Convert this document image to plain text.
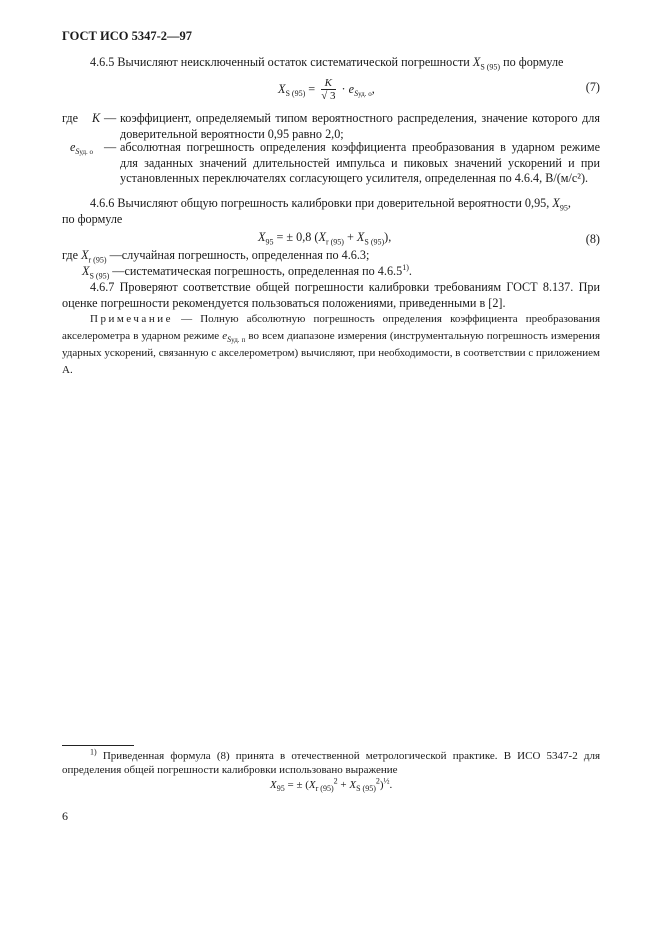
ГОСТ ИСО 5347-2—97
4.6.5 Вычисляют неисключенный остаток систематической погрешности $X_{S (95)}$ по формуле
$X_{S (95)} = \frac{K}{√ 3} \cdot e_{Sуд. о}$,	(7)
где K — коэффициент, определяемый типом вероятностного распределения, значение которого для доверительной вероятности 0,95 равно 2,0;
$e_{Sуд. о}$ — абсолютная погрешность определения коэффициента преобразования в ударном режиме для заданных значений длительностей импульса и пиковых значений ускорений и при установленных переключателях согласующего усилителя, определенная по 4.6.4, В/(м/с²).
4.6.6 Вычисляют общую погрешность калибровки при доверительной вероятности 0,95, $X_{95}$,
по формуле
$X_{95}$ = ± 0,8 $(X_{r (95)} + X_{S (95)})$,	(8)
где $X_{r (95)}$ —случайная погрешность, определенная по 4.6.3;
$X_{S (95)}$ —систематическая погрешность, определенная по 4.6.5$^{1)}$.
4.6.7 Проверяют соответствие общей погрешности калибровки требованиям ГОСТ 8.137. При оценке погрешности рекомендуется пользоваться положениями, приведенными в [2].
Примечание — Полную абсолютную погрешность определения коэффициента преобразования акселерометра в ударном режиме $e_{Sуд. п}$ во всем диапазоне измерения (инструментальную погрешность измерения ударных ускорений, связанную с акселерометром) вычисляют, при необходимости, в соответствии с приложением А.
$^{1)}$ Приведенная формула (8) принята в отечественной метрологической практике. В ИСО 5347-2 для определения общей погрешности калибровки использовано выражение
$X_{95}$ = ± $(X_{r (95)}^2 + X_{S (95)}^2)^{\frac{1}{2}}$.
6
